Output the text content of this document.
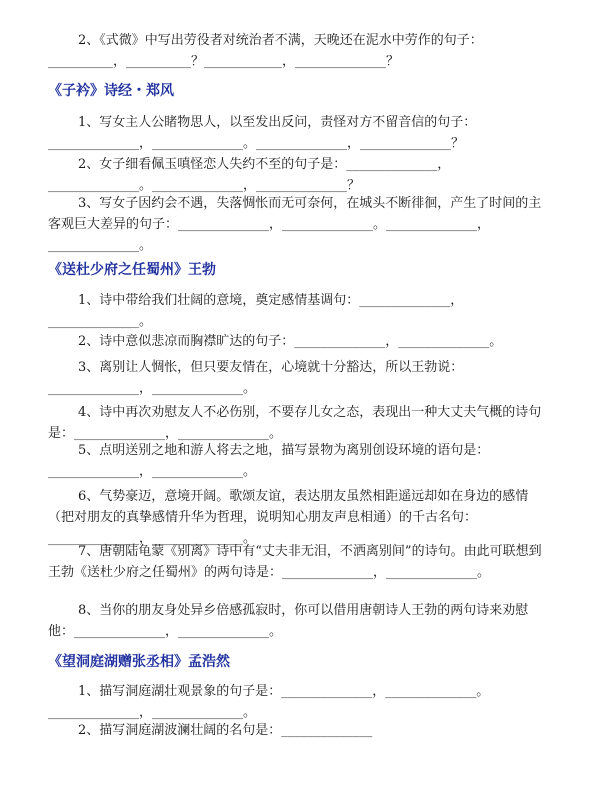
2、《式微》中写出劳役者对统治者不满，天晚还在泥水中劳作的句子：__________，__________？____________，______________？
《子衿》诗经・郑风
1、写女主人公睹物思人，以至发出反问，责怪对方不留音信的句子：______________，______________。______________，______________？
2、女子细看佩玉嗔怪恋人失约不至的句子是：______________，______________。______________，______________？
3、写女子因约会不遇，失落惆怅而无可奈何，在城头不断徘徊，产生了时间的主客观巨大差异的句子：______________，______________。______________，______________。
《送杜少府之任蜀州》王勃
1、诗中带给我们壮阔的意境，奠定感情基调句：______________，______________。
2、诗中意似悲凉而胸襟旷达的句子：______________，______________。
3、离别让人惆怅，但只要友情在，心境就十分豁达，所以王勃说：______________，______________。
4、诗中再次劝慰友人不必伤别，不要存儿女之态，表现出一种大丈夫气概的诗句是：______________，______________。
5、点明送别之地和游人将去之地，描写景物为离别创设环境的语句是：______________，______________。
6、气势豪迈，意境开阔。歌颂友谊，表达朋友虽然相距遥远却如在身边的感情（把对朋友的真挚感情升华为哲理，说明知心朋友声息相通）的千古名句：______________，______________。
7、唐朝陆龟蒙《别离》诗中有“丈夫非无泪，不洒离别间”的诗句。由此可联想到王勃《送杜少府之任蜀州》的两句诗是：______________，______________。
8、当你的朋友身处异乡倍感孤寂时，你可以借用唐朝诗人王勃的两句诗来劝慰他：______________，______________。
《望洞庭湖赠张丞相》孟浩然
1、描写洞庭湖壮观景象的句子是：______________，______________。______________，______________。
2、描写洞庭湖波澜壮阔的名句是：______________
